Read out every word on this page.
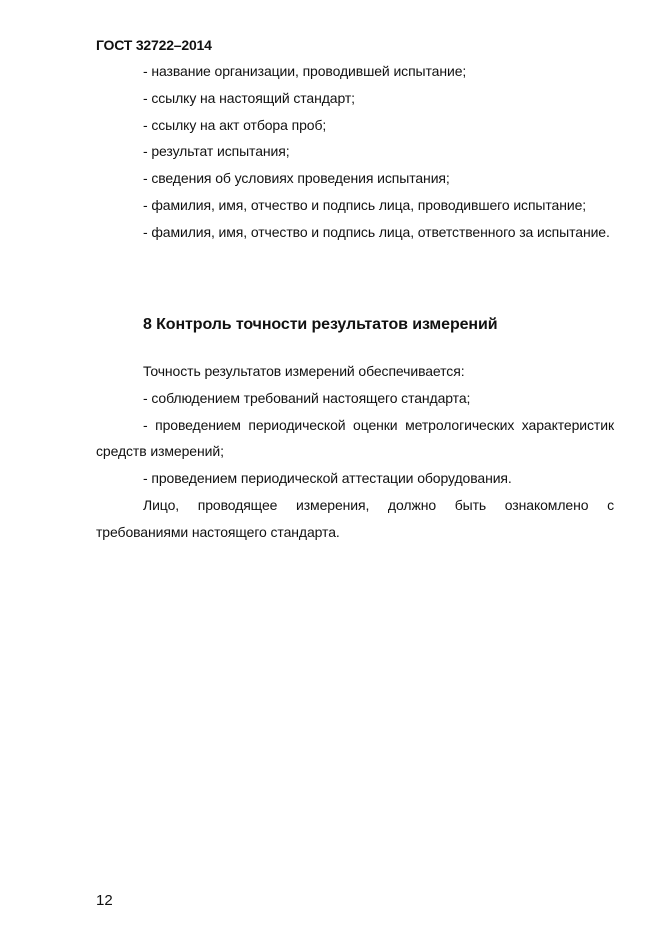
ГОСТ 32722–2014

- название организации, проводившей испытание;

- ссылку на настоящий стандарт;

- ссылку на акт отбора проб;

- результат испытания;

- сведения об условиях проведения испытания;

- фамилия, имя, отчество и подпись лица, проводившего испытание;

- фамилия, имя, отчество и подпись лица, ответственного за испытание.

8 Контроль точности результатов измерений

Точность результатов измерений обеспечивается:

- соблюдением требований настоящего стандарта;

- проведением периодической оценки метрологических характеристик средств измерений;

- проведением периодической аттестации оборудования.

Лицо, проводящее измерения, должно быть ознакомлено с требованиями настоящего стандарта.

12
